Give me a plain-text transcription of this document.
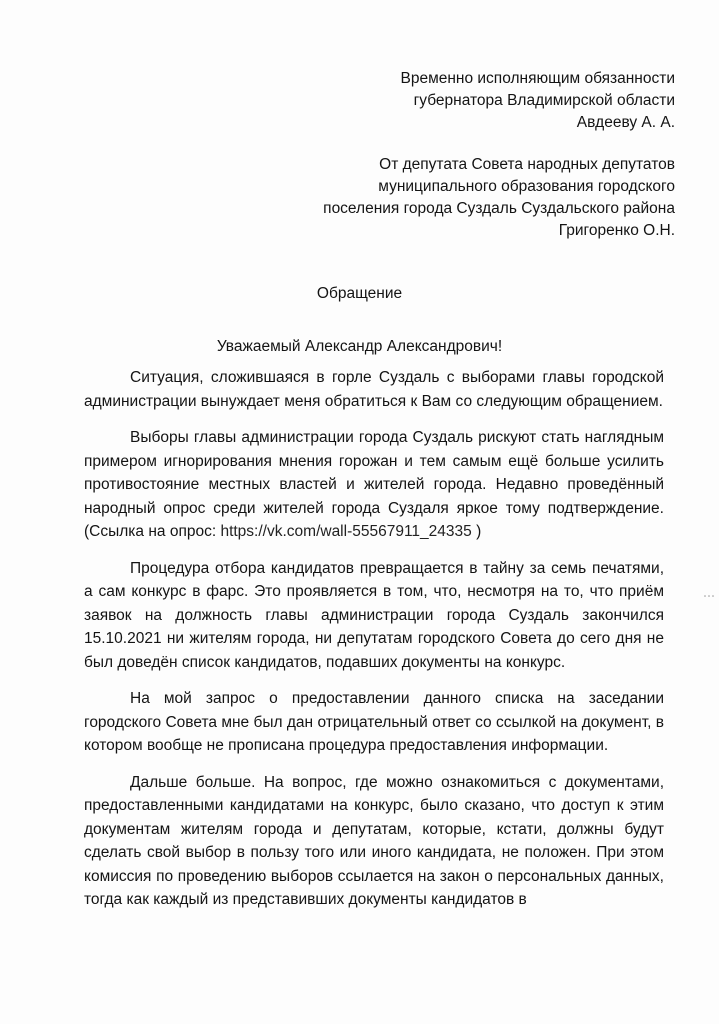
Временно исполняющим обязанности
губернатора Владимирской области
Авдееву А. А.
От депутата Совета народных депутатов
муниципального образования городского
поселения города Суздаль Суздальского района
Григоренко О.Н.
Обращение
Уважаемый Александр Александрович!

Ситуация, сложившаяся в горле Суздаль с выборами главы городской администрации вынуждает меня обратиться к Вам со следующим обращением.

Выборы главы администрации города Суздаль рискуют стать наглядным примером игнорирования мнения горожан и тем самым ещё больше усилить противостояние местных властей и жителей города. Недавно проведённый народный опрос среди жителей города Суздаля яркое тому подтверждение. (Ссылка на опрос: https://vk.com/wall-55567911_24335 )

Процедура отбора кандидатов превращается в тайну за семь печатями, а сам конкурс в фарс. Это проявляется в том, что, несмотря на то, что приём заявок на должность главы администрации города Суздаль закончился 15.10.2021 ни жителям города, ни депутатам городского Совета до сего дня не был доведён список кандидатов, подавших документы на конкурс.

На мой запрос о предоставлении данного списка на заседании городского Совета мне был дан отрицательный ответ со ссылкой на документ, в котором вообще не прописана процедура предоставления информации.

Дальше больше. На вопрос, где можно ознакомиться с документами, предоставленными кандидатами на конкурс, было сказано, что доступ к этим документам жителям города и депутатам, которые, кстати, должны будут сделать свой выбор в пользу того или иного кандидата, не положен. При этом комиссия по проведению выборов ссылается на закон о персональных данных, тогда как каждый из представивших документы кандидатов в
